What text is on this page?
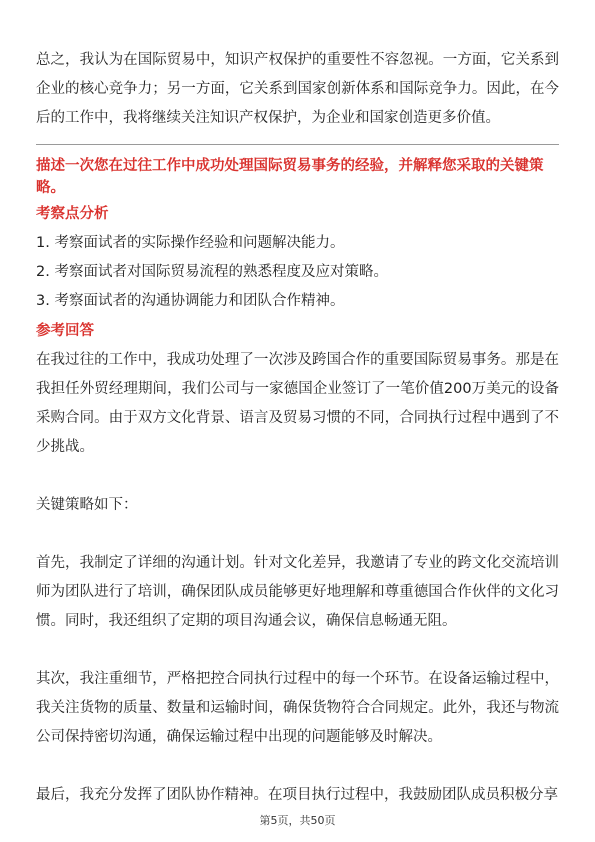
总之，我认为在国际贸易中，知识产权保护的重要性不容忽视。一方面，它关系到企业的核心竞争力；另一方面，它关系到国家创新体系和国际竞争力。因此，在今后的工作中，我将继续关注知识产权保护，为企业和国家创造更多价值。

描述一次您在过往工作中成功处理国际贸易事务的经验，并解释您采取的关键策略。

考察点分析

1. 考察面试者的实际操作经验和问题解决能力。

2. 考察面试者对国际贸易流程的熟悉程度及应对策略。

3. 考察面试者的沟通协调能力和团队合作精神。

参考回答

在我过往的工作中，我成功处理了一次涉及跨国合作的重要国际贸易事务。那是在我担任外贸经理期间，我们公司与一家德国企业签订了一笔价值200万美元的设备采购合同。由于双方文化背景、语言及贸易习惯的不同，合同执行过程中遇到了不少挑战。

关键策略如下：

首先，我制定了详细的沟通计划。针对文化差异，我邀请了专业的跨文化交流培训师为团队进行了培训，确保团队成员能够更好地理解和尊重德国合作伙伴的文化习惯。同时，我还组织了定期的项目沟通会议，确保信息畅通无阻。

其次，我注重细节，严格把控合同执行过程中的每一个环节。在设备运输过程中，我关注货物的质量、数量和运输时间，确保货物符合合同规定。此外，我还与物流公司保持密切沟通，确保运输过程中出现的问题能够及时解决。

最后，我充分发挥了团队协作精神。在项目执行过程中，我鼓励团队成员积极分享

第5页，共50页
